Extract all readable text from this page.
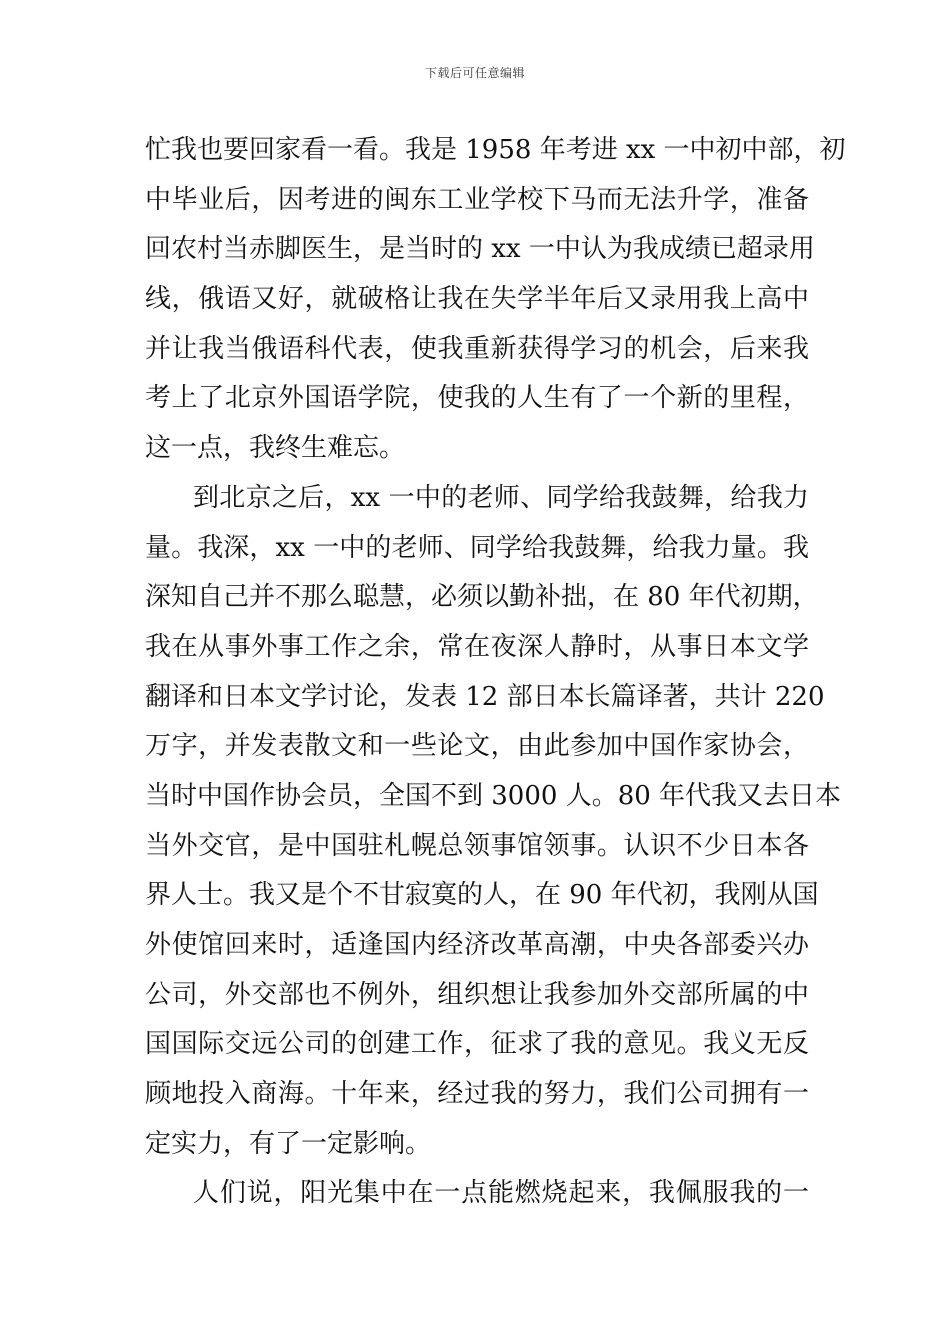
下载后可任意编辑
忙我也要回家看一看。我是 1958 年考进 xx 一中初中部，初
中毕业后，因考进的闽东工业学校下马而无法升学，准备
回农村当赤脚医生，是当时的 xx 一中认为我成绩已超录用
线，俄语又好，就破格让我在失学半年后又录用我上高中
并让我当俄语科代表，使我重新获得学习的机会，后来我
考上了北京外国语学院，使我的人生有了一个新的里程，
这一点，我终生难忘。
到北京之后，xx 一中的老师、同学给我鼓舞，给我力
量。我深，xx 一中的老师、同学给我鼓舞，给我力量。我
深知自己并不那么聪慧，必须以勤补拙，在 80 年代初期，
我在从事外事工作之余，常在夜深人静时，从事日本文学
翻译和日本文学讨论，发表 12 部日本长篇译著，共计 220
万字，并发表散文和一些论文，由此参加中国作家协会，
当时中国作协会员，全国不到 3000 人。80 年代我又去日本
当外交官，是中国驻札幌总领事馆领事。认识不少日本各
界人士。我又是个不甘寂寞的人，在 90 年代初，我刚从国
外使馆回来时，适逢国内经济改革高潮，中央各部委兴办
公司，外交部也不例外，组织想让我参加外交部所属的中
国国际交远公司的创建工作，征求了我的意见。我义无反
顾地投入商海。十年来，经过我的努力，我们公司拥有一
定实力，有了一定影响。
人们说，阳光集中在一点能燃烧起来，我佩服我的一
